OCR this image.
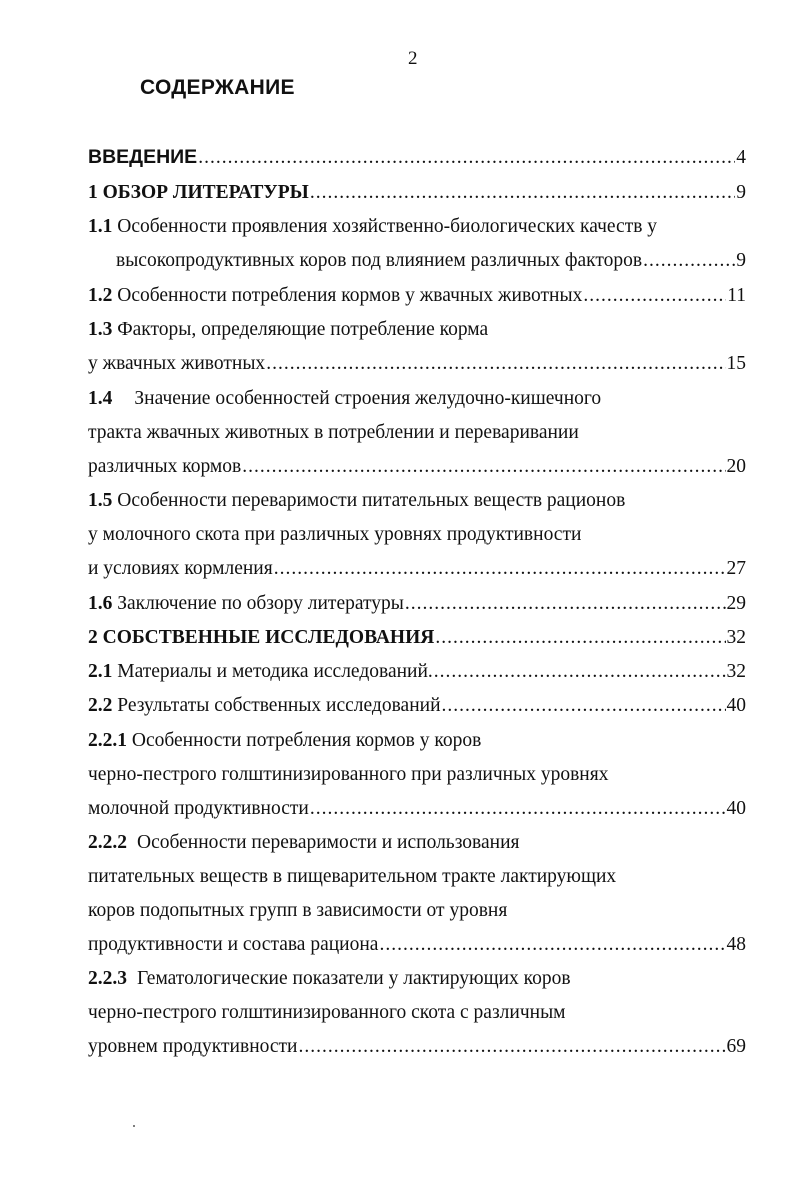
2
СОДЕРЖАНИЕ
ВВЕДЕНИЕ .....	4
1 ОБЗОР ЛИТЕРАТУРЫ .....	9
1.1 Особенности проявления хозяйственно-биологических качеств у
высокопродуктивных коров под влиянием различных факторов .....	9
1.2 Особенности потребления кормов у жвачных животных .....	11
1.3 Факторы, определяющие потребление корма
у жвачных животных .....	15
1.4 Значение особенностей строения желудочно-кишечного
тракта жвачных животных в потреблении и переваривании
различных кормов .....	20
1.5 Особенности переваримости питательных веществ рационов
у молочного скота при различных уровнях продуктивности
и условиях кормления .....	27
1.6 Заключение по обзору литературы .....	29
2 СОБСТВЕННЫЕ ИССЛЕДОВАНИЯ .....	32
2.1 Материалы и методика исследований. .....	32
2.2 Результаты собственных исследований .....	40
2.2.1 Особенности потребления кормов у коров
черно-пестрого голштинизированного при различных уровнях
молочной продуктивности .....	40
2.2.2 Особенности переваримости и использования
питательных веществ в пищеварительном тракте лактирующих
коров подопытных групп в зависимости от уровня
продуктивности и состава рациона .....	48
2.2.3 Гематологические показатели у лактирующих коров
черно-пестрого голштинизированного скота с различным
уровнем продуктивности .....	69
